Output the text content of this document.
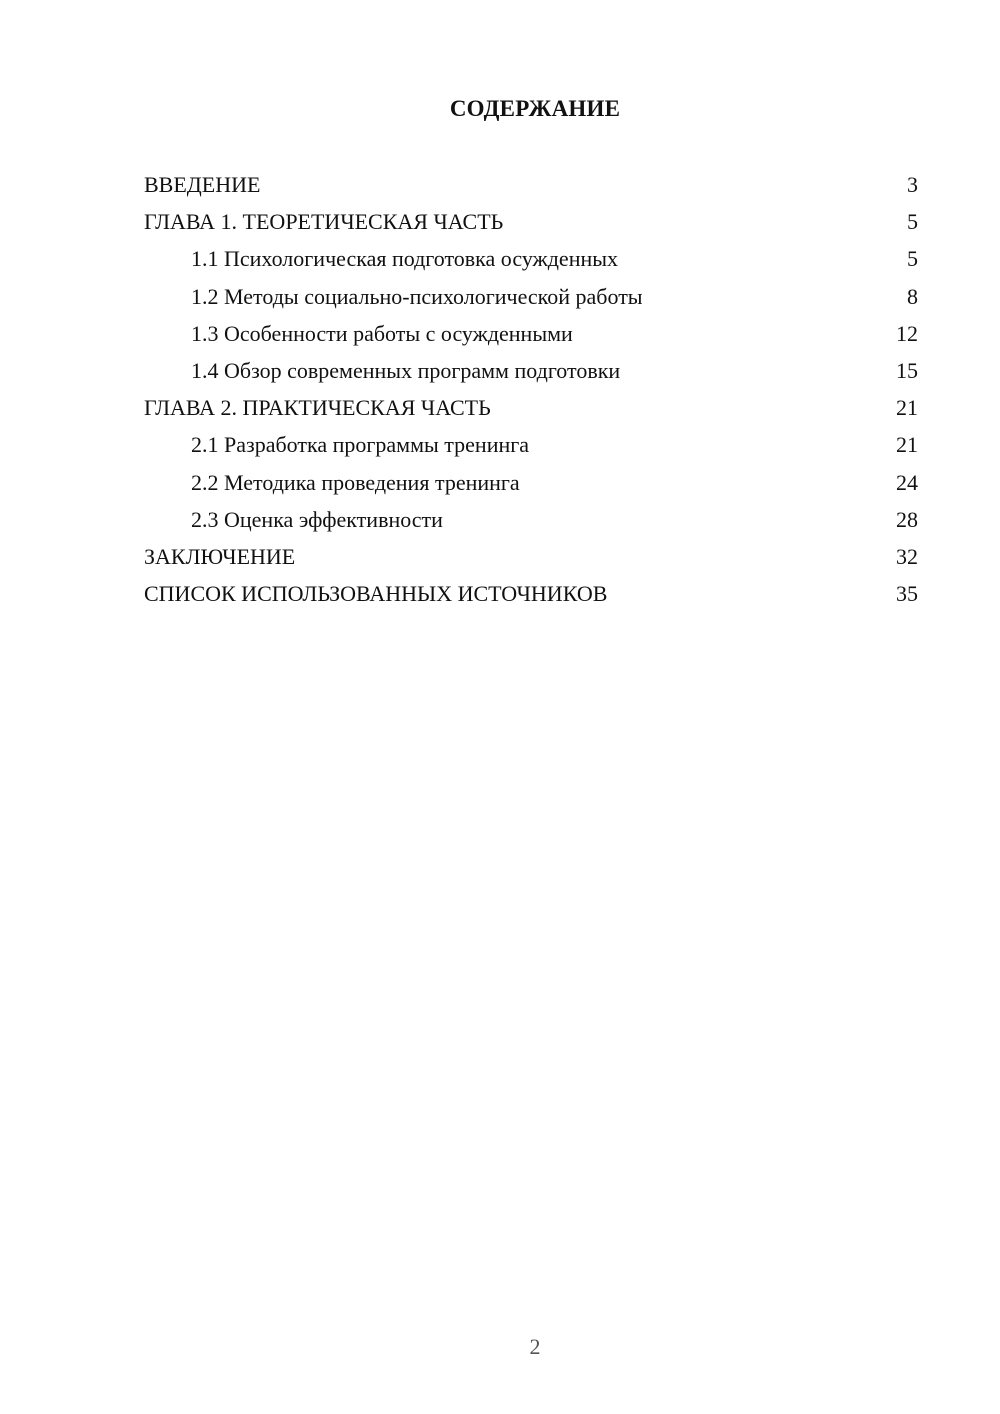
СОДЕРЖАНИЕ
ВВЕДЕНИЕ	3
ГЛАВА 1. ТЕОРЕТИЧЕСКАЯ ЧАСТЬ	5
1.1 Психологическая подготовка осужденных	5
1.2 Методы социально-психологической работы	8
1.3 Особенности работы с осужденными	12
1.4 Обзор современных программ подготовки	15
ГЛАВА 2. ПРАКТИЧЕСКАЯ ЧАСТЬ	21
2.1 Разработка программы тренинга	21
2.2 Методика проведения тренинга	24
2.3 Оценка эффективности	28
ЗАКЛЮЧЕНИЕ	32
СПИСОК ИСПОЛЬЗОВАННЫХ ИСТОЧНИКОВ	35
2
